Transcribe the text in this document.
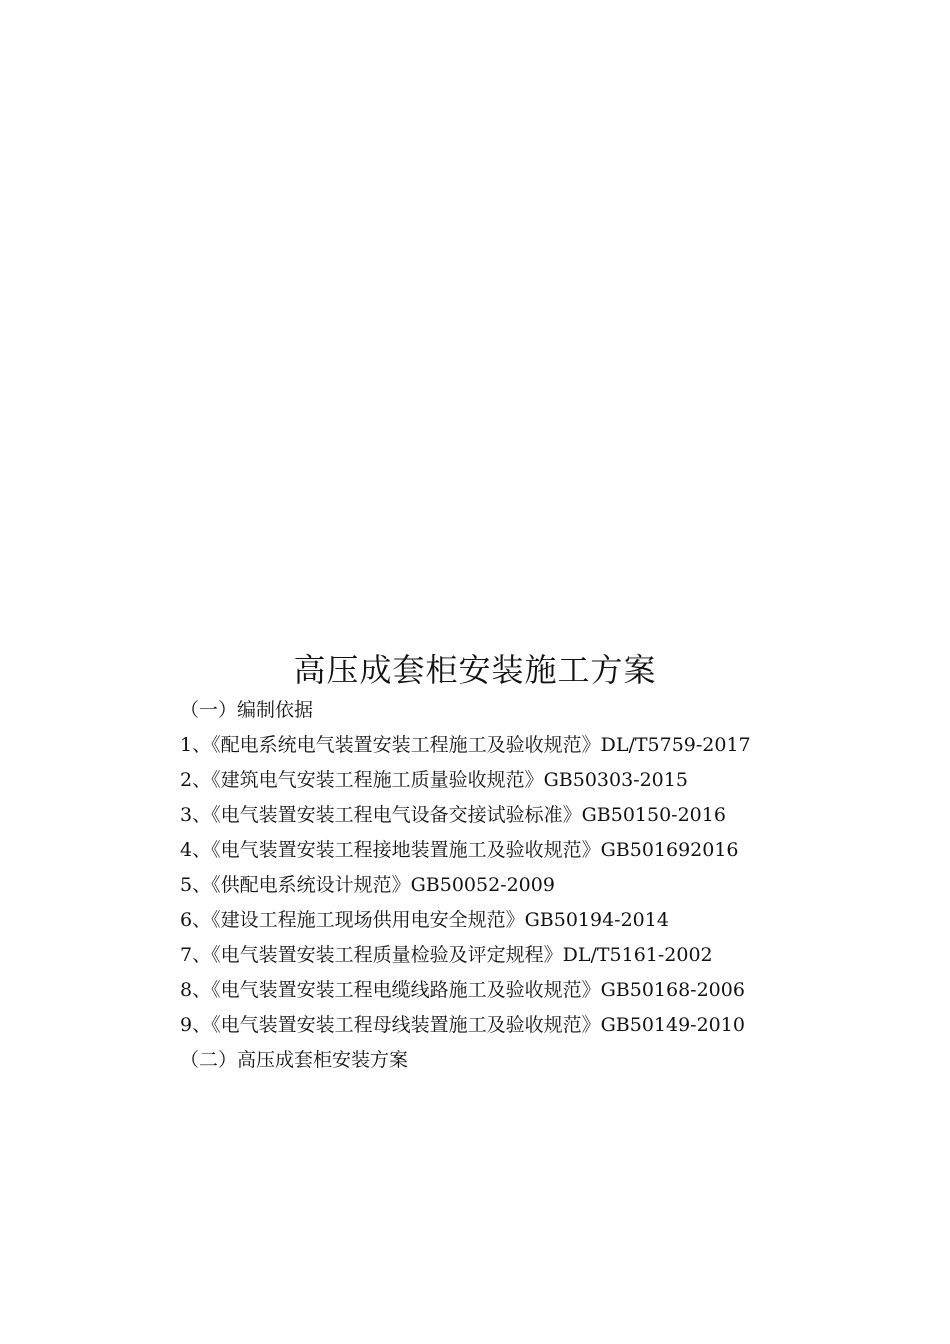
高压成套柜安装施工方案

（一）编制依据

1、《配电系统电气装置安装工程施工及验收规范》DL/T5759-2017

2、《建筑电气安装工程施工质量验收规范》GB50303-2015

3、《电气装置安装工程电气设备交接试验标准》GB50150-2016

4、《电气装置安装工程接地装置施工及验收规范》GB501692016

5、《供配电系统设计规范》GB50052-2009

6、《建设工程施工现场供用电安全规范》GB50194-2014

7、《电气装置安装工程质量检验及评定规程》DL/T5161-2002

8、《电气装置安装工程电缆线路施工及验收规范》GB50168-2006

9、《电气装置安装工程母线装置施工及验收规范》GB50149-2010

（二）高压成套柜安装方案
